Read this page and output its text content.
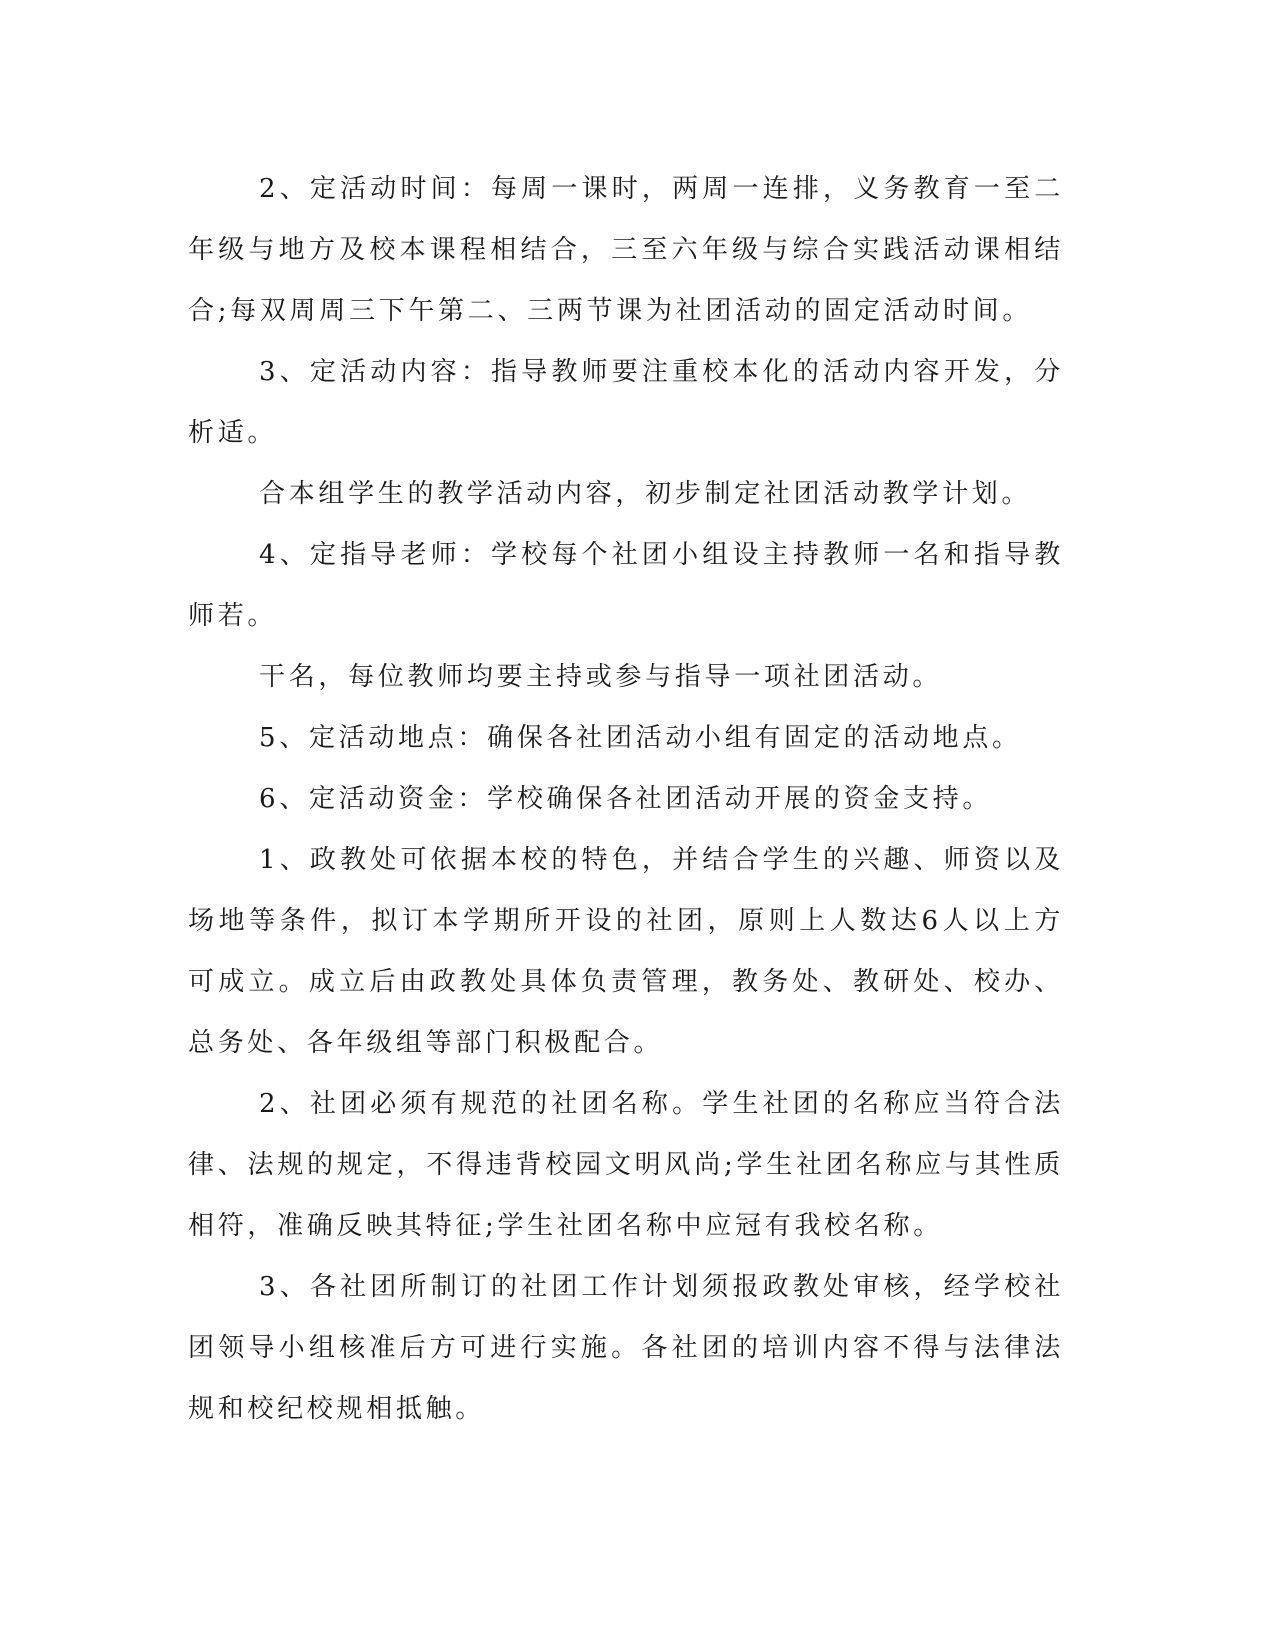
2、定活动时间：每周一课时，两周一连排，义务教育一至二年级与地方及校本课程相结合，三至六年级与综合实践活动课相结合;每双周周三下午第二、三两节课为社团活动的固定活动时间。

3、定活动内容：指导教师要注重校本化的活动内容开发，分析适。

合本组学生的教学活动内容，初步制定社团活动教学计划。

4、定指导老师：学校每个社团小组设主持教师一名和指导教师若。

干名，每位教师均要主持或参与指导一项社团活动。

5、定活动地点：确保各社团活动小组有固定的活动地点。

6、定活动资金：学校确保各社团活动开展的资金支持。

1、政教处可依据本校的特色，并结合学生的兴趣、师资以及场地等条件，拟订本学期所开设的社团，原则上人数达6人以上方可成立。成立后由政教处具体负责管理，教务处、教研处、校办、总务处、各年级组等部门积极配合。

2、社团必须有规范的社团名称。学生社团的名称应当符合法律、法规的规定，不得违背校园文明风尚;学生社团名称应与其性质相符，准确反映其特征;学生社团名称中应冠有我校名称。

3、各社团所制订的社团工作计划须报政教处审核，经学校社团领导小组核准后方可进行实施。各社团的培训内容不得与法律法规和校纪校规相抵触。
